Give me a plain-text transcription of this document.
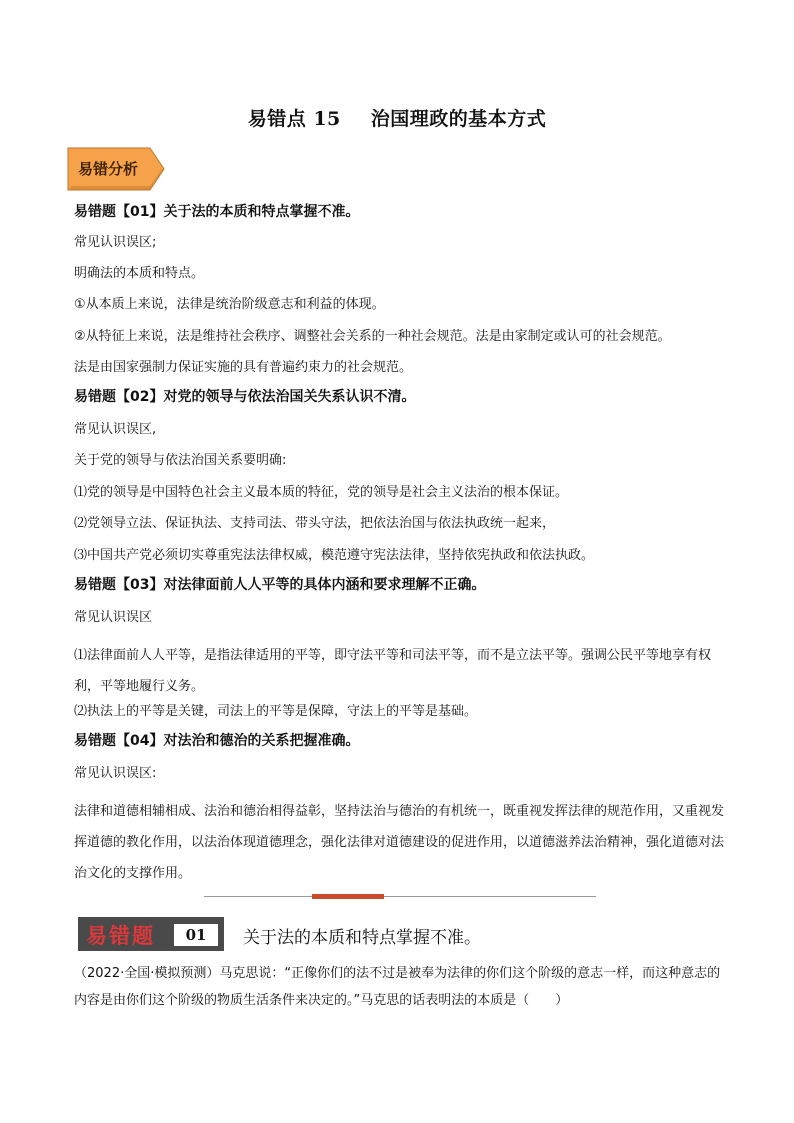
易错点 15 治国理政的基本方式
易错分析
易错题【01】关于法的本质和特点掌握不准。
常见认识误区;
明确法的本质和特点。
①从本质上来说，法律是统治阶级意志和利益的体现。
②从特征上来说，法是维持社会秩序、调整社会关系的一种社会规范。法是由家制定或认可的社会规范。
法是由国家强制力保证实施的具有普遍约束力的社会规范。
易错题【02】对党的领导与依法治国关失系认识不清。
常见认识误区,
关于党的领导与依法治国关系要明确:
⑴党的领导是中国特色社会主义最本质的特征，党的领导是社会主义法治的根本保证。
⑵党领导立法、保证执法、支持司法、带头守法，把依法治国与依法执政统一起来，
⑶中国共产党必须切实尊重宪法法律权威，模范遵守宪法法律，坚持依宪执政和依法执政。
易错题【03】对法律面前人人平等的具体内涵和要求理解不正确。
常见认识误区
⑴法律面前人人平等，是指法律适用的平等，即守法平等和司法平等，而不是立法平等。强调公民平等地享有权利，平等地履行义务。
⑵执法上的平等是关键，司法上的平等是保障，守法上的平等是基础。
易错题【04】对法治和德治的关系把握准确。
常见认识误区:
法律和道德相辅相成、法治和德治相得益彰，坚持法治与德治的有机统一，既重视发挥法律的规范作用，又重视发挥道德的教化作用，以法治体现道德理念，强化法律对道德建设的促进作用，以道德滋养法治精神，强化道德对法治文化的支撑作用。
易错题	01	关于法的本质和特点掌握不准。
（2022·全国·模拟预测）马克思说：“正像你们的法不过是被奉为法律的你们这个阶级的意志一样，而这种意志的内容是由你们这个阶级的物质生活条件来决定的。”马克思的话表明法的本质是（　　）
